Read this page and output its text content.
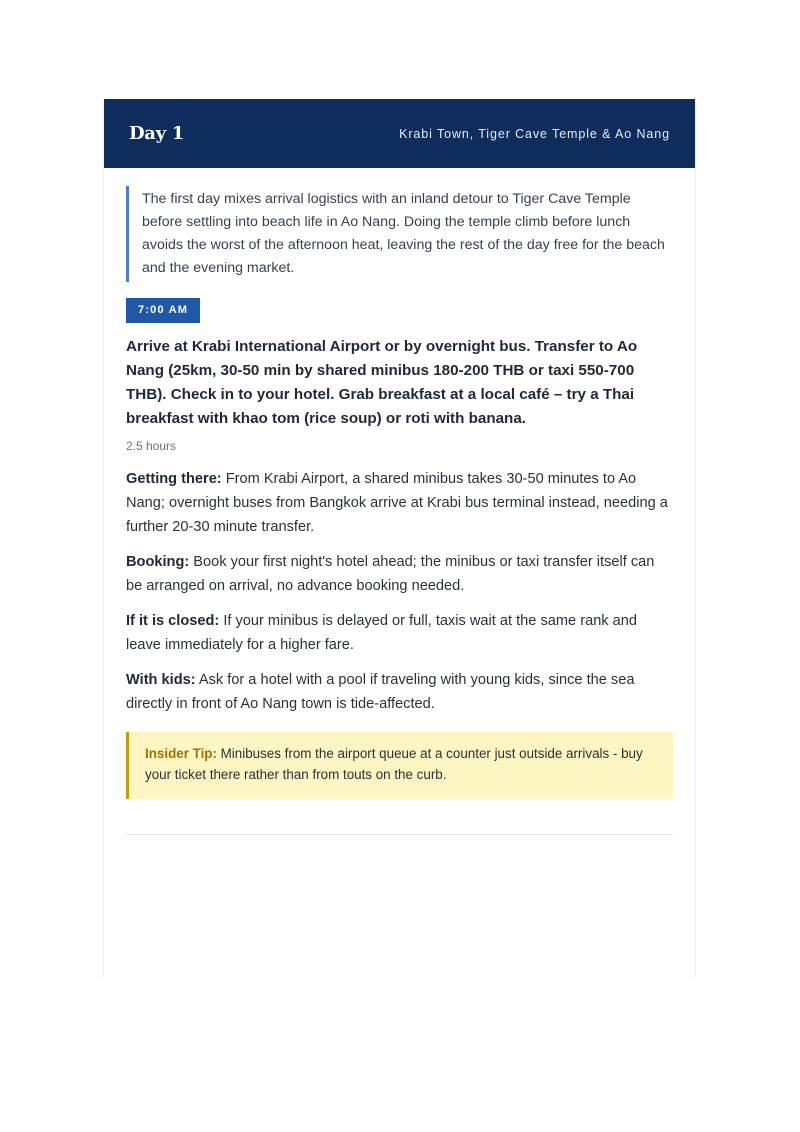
Day 1	Krabi Town, Tiger Cave Temple & Ao Nang
The first day mixes arrival logistics with an inland detour to Tiger Cave Temple before settling into beach life in Ao Nang. Doing the temple climb before lunch avoids the worst of the afternoon heat, leaving the rest of the day free for the beach and the evening market.
7:00 AM
Arrive at Krabi International Airport or by overnight bus. Transfer to Ao Nang (25km, 30-50 min by shared minibus 180-200 THB or taxi 550-700 THB). Check in to your hotel. Grab breakfast at a local café – try a Thai breakfast with khao tom (rice soup) or roti with banana.
2.5 hours
Getting there: From Krabi Airport, a shared minibus takes 30-50 minutes to Ao Nang; overnight buses from Bangkok arrive at Krabi bus terminal instead, needing a further 20-30 minute transfer.
Booking: Book your first night's hotel ahead; the minibus or taxi transfer itself can be arranged on arrival, no advance booking needed.
If it is closed: If your minibus is delayed or full, taxis wait at the same rank and leave immediately for a higher fare.
With kids: Ask for a hotel with a pool if traveling with young kids, since the sea directly in front of Ao Nang town is tide-affected.
Insider Tip: Minibuses from the airport queue at a counter just outside arrivals - buy your ticket there rather than from touts on the curb.
